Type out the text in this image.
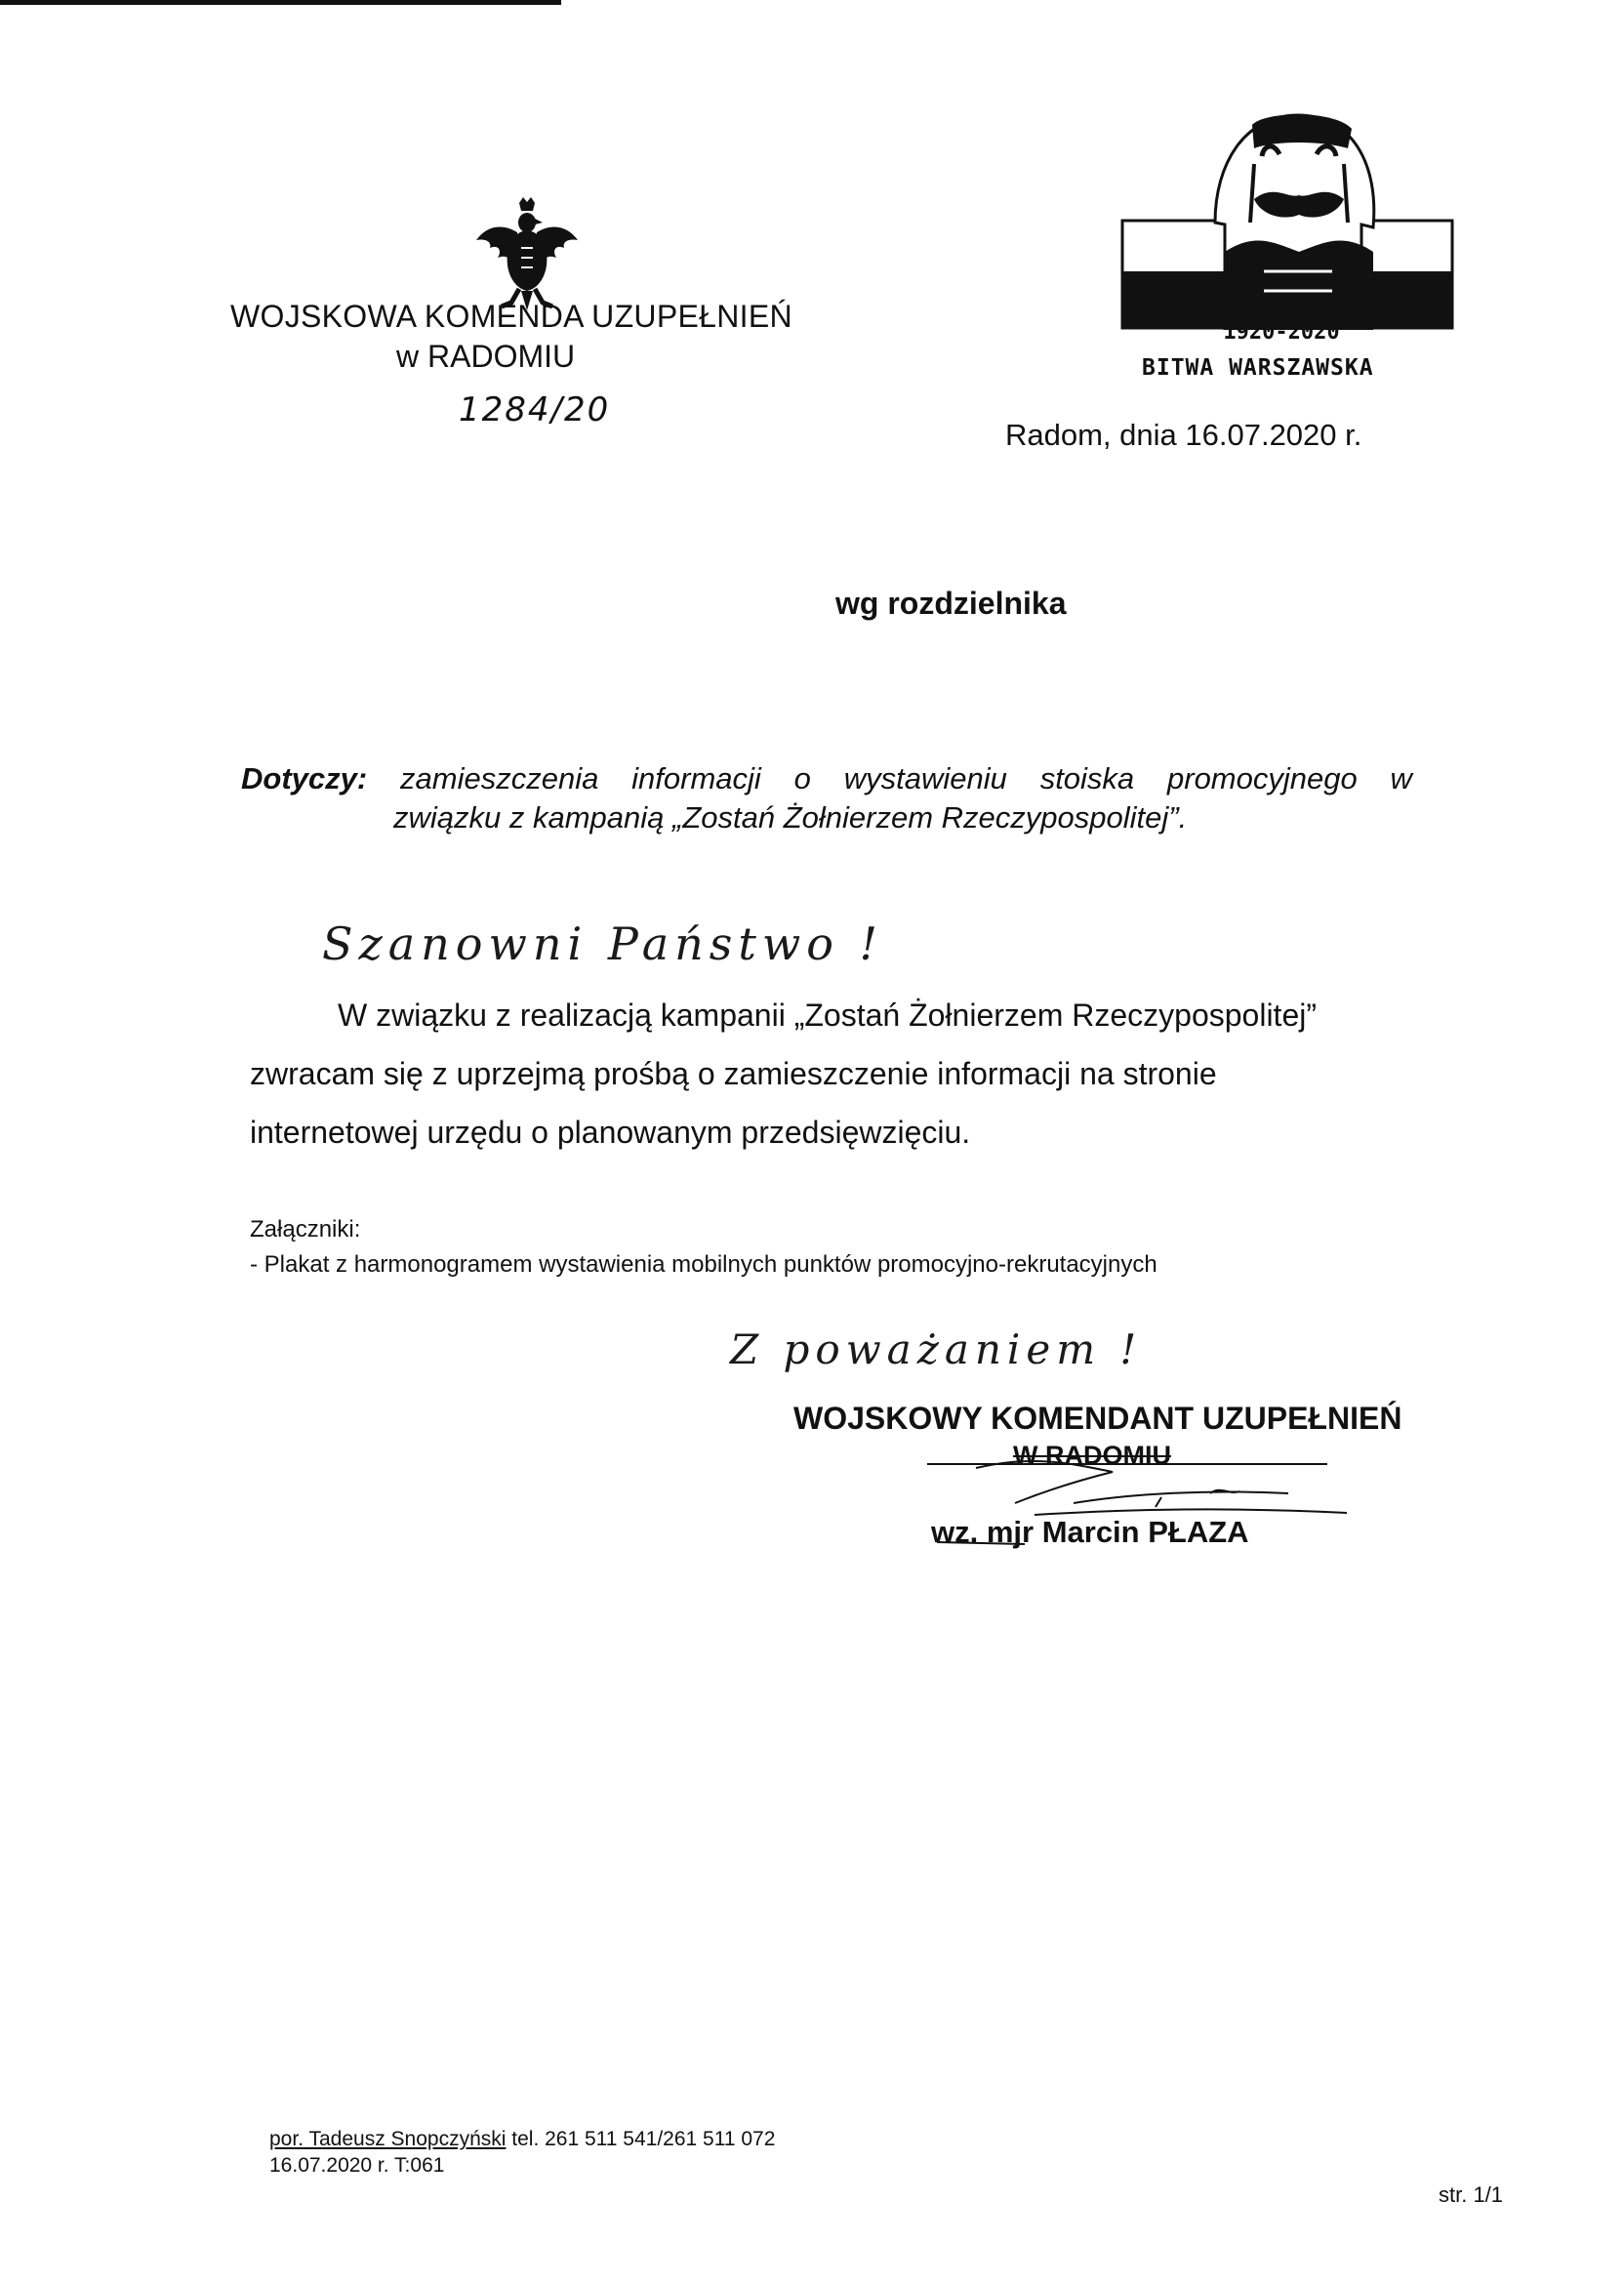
WOJSKOWA KOMENDA UZUPEŁNIEŃ
w RADOMIU
1284/20
1920-2020
BITWA WARSZAWSKA
Radom, dnia 16.07.2020 r.
wg rozdzielnika
Dotyczy: zamieszczenia informacji o wystawieniu stoiska promocyjnego w
związku z kampanią „Zostań Żołnierzem Rzeczypospolitej”.
Szanowni Państwo !
W związku z realizacją kampanii „Zostań Żołnierzem Rzeczypospolitej”
zwracam się z uprzejmą prośbą o zamieszczenie informacji na stronie
internetowej urzędu o planowanym przedsięwzięciu.
Załączniki:
- Plakat z harmonogramem wystawienia mobilnych punktów promocyjno-rekrutacyjnych
Z poważaniem !
WOJSKOWY KOMENDANT UZUPEŁNIEŃ
W RADOMIU
wz. mjr Marcin PŁAZA
por. Tadeusz Snopczyński tel. 261 511 541/261 511 072
16.07.2020 r. T:061
str. 1/1
